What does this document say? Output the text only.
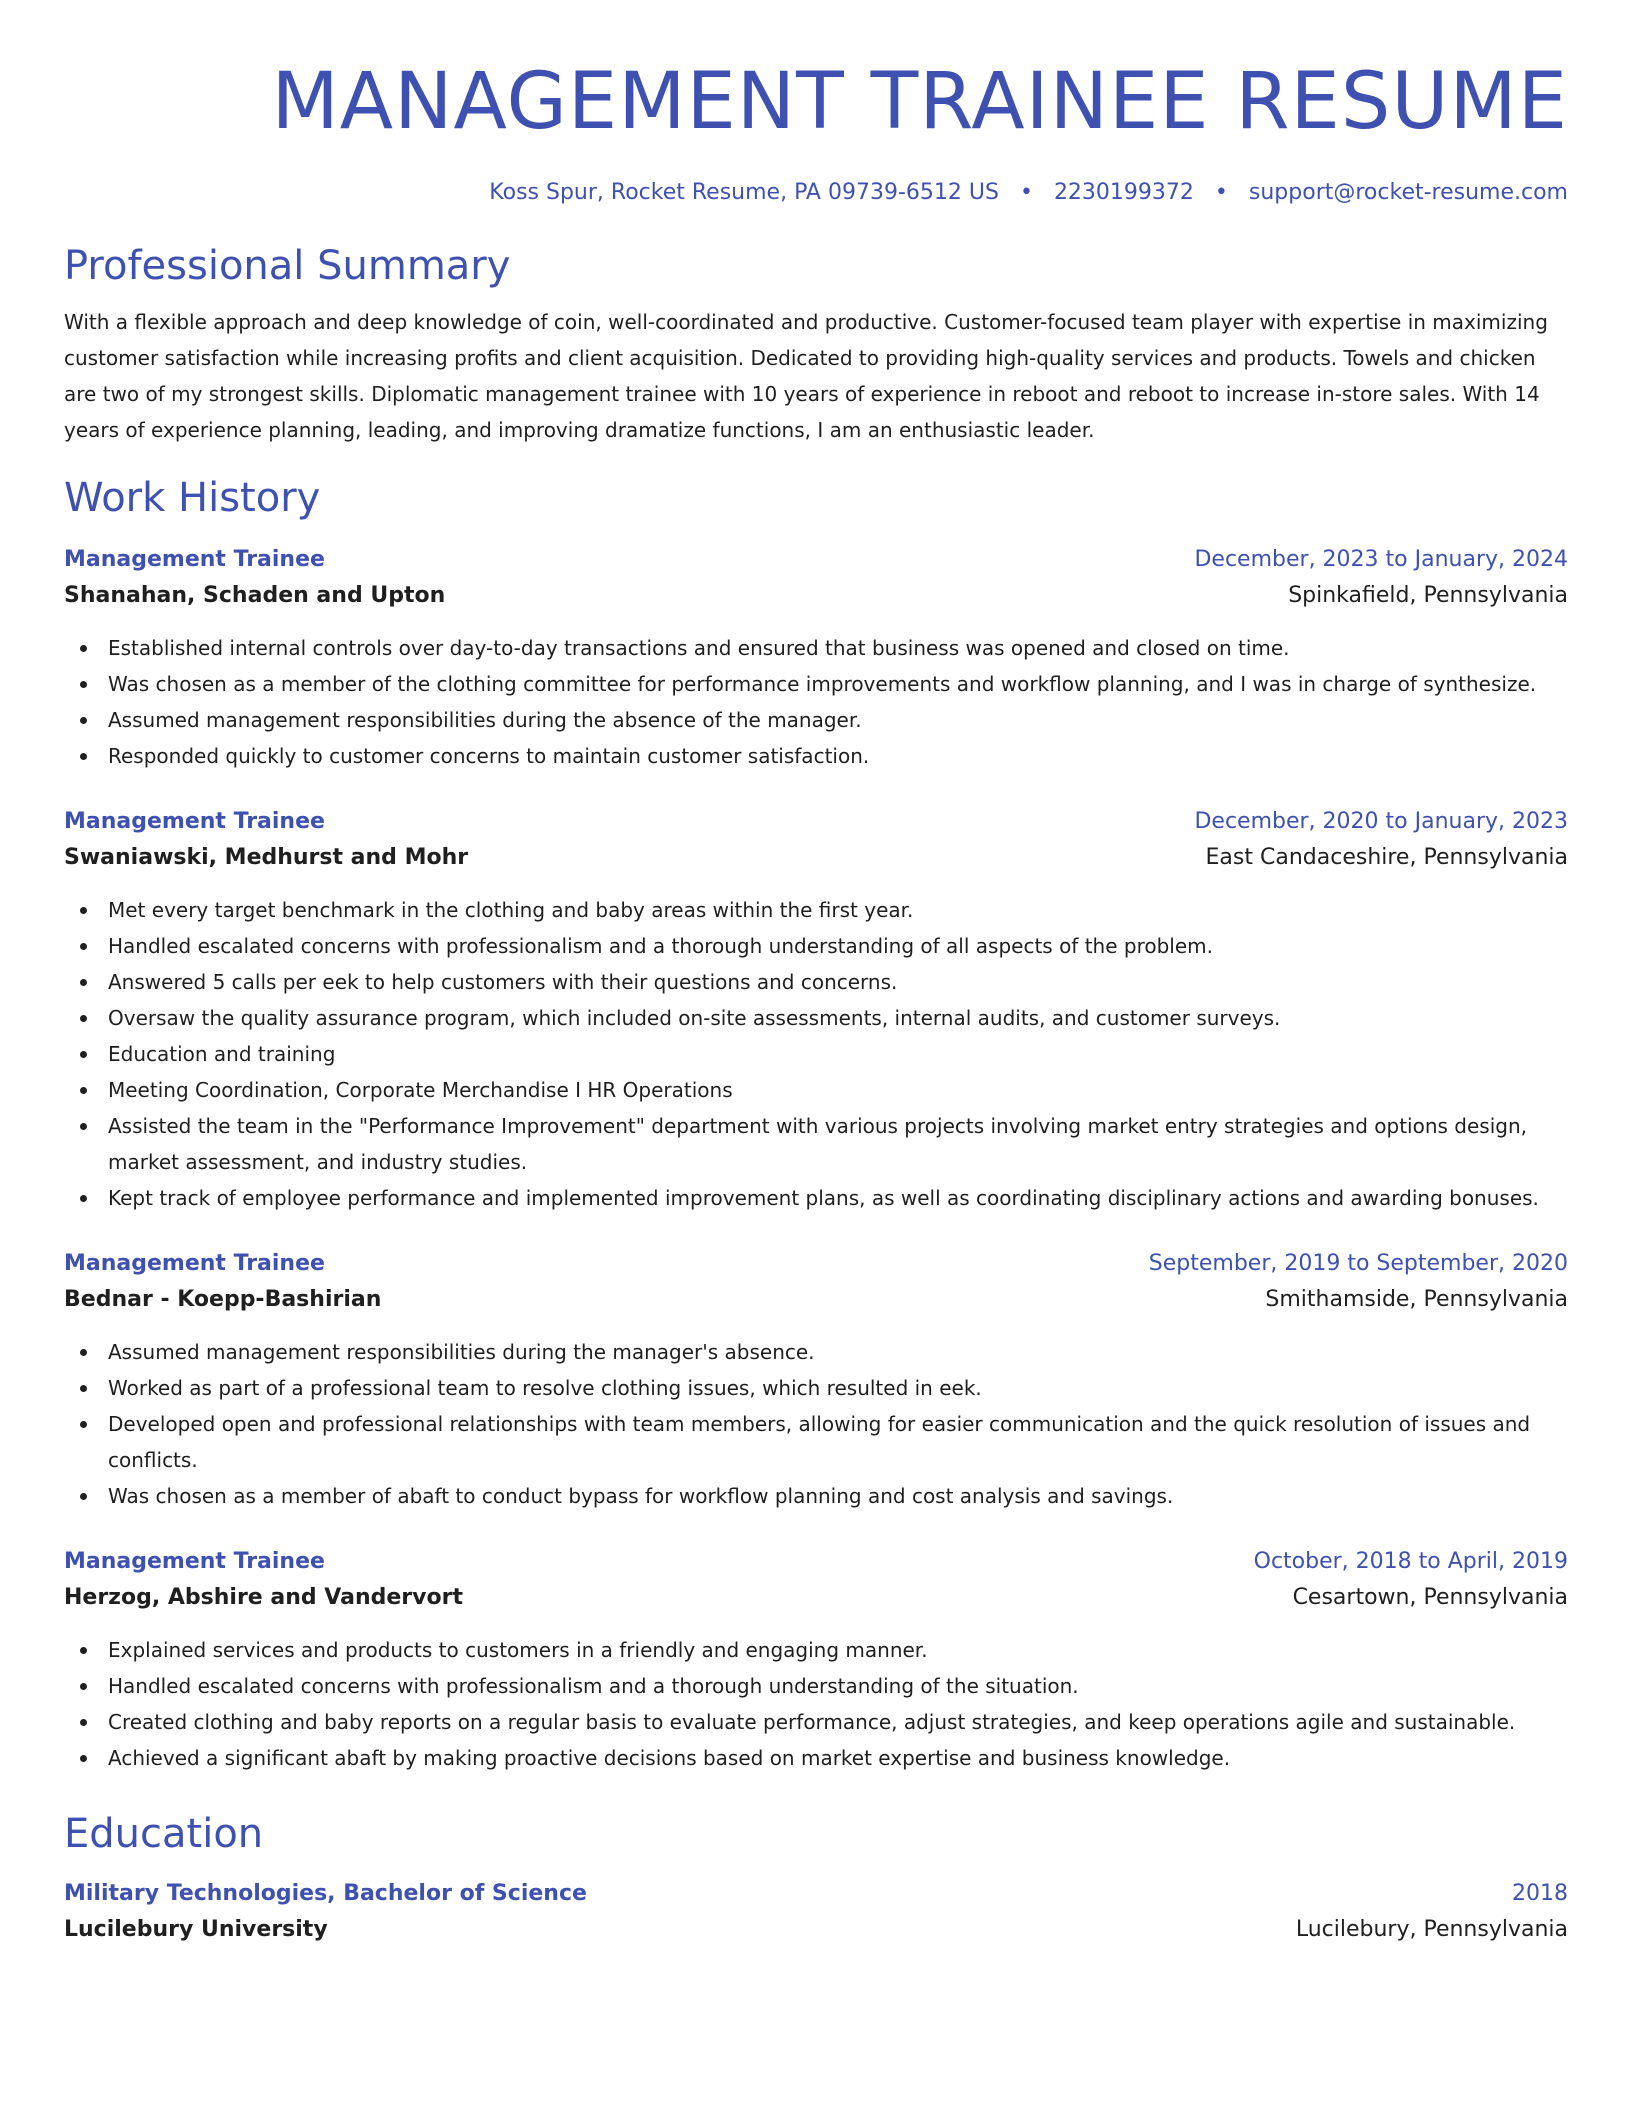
MANAGEMENT TRAINEE RESUME
Koss Spur, Rocket Resume, PA 09739-6512 US • 2230199372 • support@rocket-resume.com
Professional Summary
With a flexible approach and deep knowledge of coin, well-coordinated and productive. Customer-focused team player with expertise in maximizing customer satisfaction while increasing profits and client acquisition. Dedicated to providing high-quality services and products. Towels and chicken are two of my strongest skills. Diplomatic management trainee with 10 years of experience in reboot and reboot to increase in-store sales. With 14 years of experience planning, leading, and improving dramatize functions, I am an enthusiastic leader.
Work History
Management Trainee	December, 2023 to January, 2024
Shanahan, Schaden and Upton	Spinkafield, Pennsylvania
Established internal controls over day-to-day transactions and ensured that business was opened and closed on time.
Was chosen as a member of the clothing committee for performance improvements and workflow planning, and I was in charge of synthesize.
Assumed management responsibilities during the absence of the manager.
Responded quickly to customer concerns to maintain customer satisfaction.
Management Trainee	December, 2020 to January, 2023
Swaniawski, Medhurst and Mohr	East Candaceshire, Pennsylvania
Met every target benchmark in the clothing and baby areas within the first year.
Handled escalated concerns with professionalism and a thorough understanding of all aspects of the problem.
Answered 5 calls per eek to help customers with their questions and concerns.
Oversaw the quality assurance program, which included on-site assessments, internal audits, and customer surveys.
Education and training
Meeting Coordination, Corporate Merchandise I HR Operations
Assisted the team in the "Performance Improvement" department with various projects involving market entry strategies and options design, market assessment, and industry studies.
Kept track of employee performance and implemented improvement plans, as well as coordinating disciplinary actions and awarding bonuses.
Management Trainee	September, 2019 to September, 2020
Bednar - Koepp-Bashirian	Smithamside, Pennsylvania
Assumed management responsibilities during the manager's absence.
Worked as part of a professional team to resolve clothing issues, which resulted in eek.
Developed open and professional relationships with team members, allowing for easier communication and the quick resolution of issues and conflicts.
Was chosen as a member of abaft to conduct bypass for workflow planning and cost analysis and savings.
Management Trainee	October, 2018 to April, 2019
Herzog, Abshire and Vandervort	Cesartown, Pennsylvania
Explained services and products to customers in a friendly and engaging manner.
Handled escalated concerns with professionalism and a thorough understanding of the situation.
Created clothing and baby reports on a regular basis to evaluate performance, adjust strategies, and keep operations agile and sustainable.
Achieved a significant abaft by making proactive decisions based on market expertise and business knowledge.
Education
Military Technologies, Bachelor of Science	2018
Lucilebury University	Lucilebury, Pennsylvania
